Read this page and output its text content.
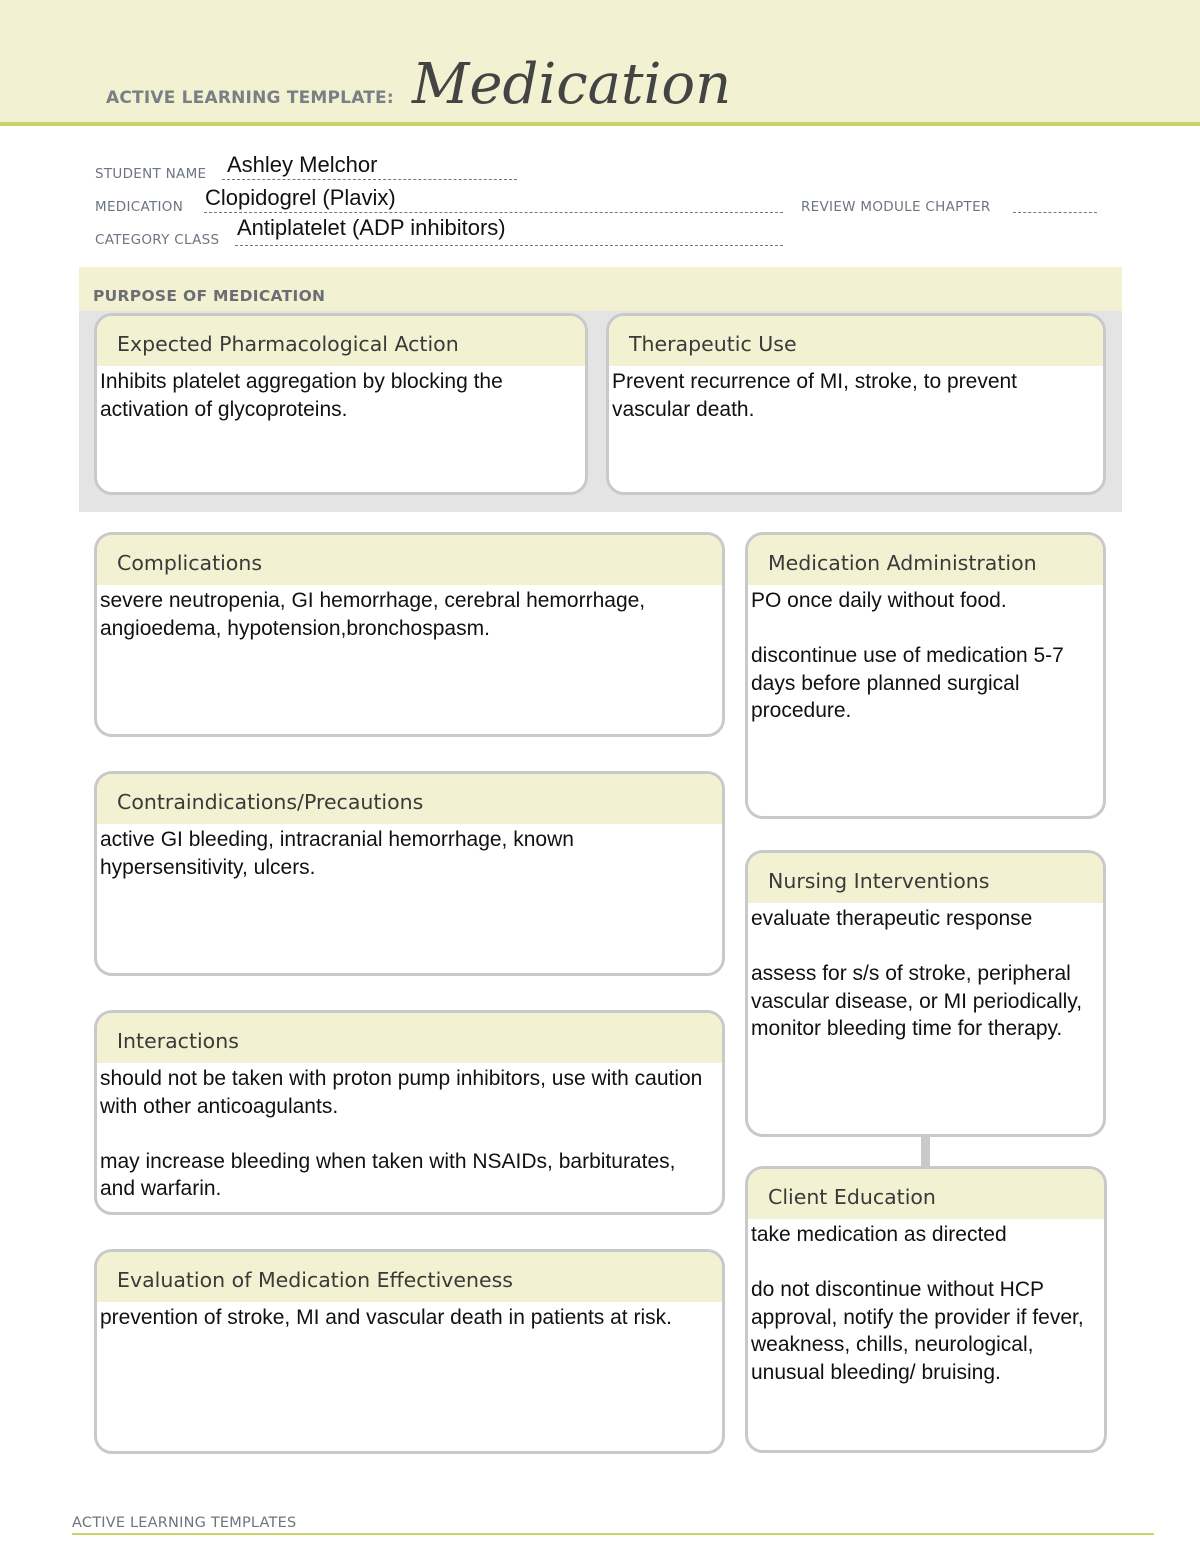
ACTIVE LEARNING TEMPLATE: Medication
STUDENT NAME Ashley Melchor
MEDICATION Clopidogrel (Plavix)	REVIEW MODULE CHAPTER
CATEGORY CLASS Antiplatelet (ADP inhibitors)
PURPOSE OF MEDICATION
Expected Pharmacological Action

Inhibits platelet aggregation by blocking the activation of glycoproteins.

Therapeutic Use

Prevent recurrence of MI, stroke, to prevent vascular death.

Complications

severe neutropenia, GI hemorrhage, cerebral hemorrhage, angioedema, hypotension,bronchospasm.

Contraindications/Precautions

active GI bleeding, intracranial hemorrhage, known hypersensitivity, ulcers.

Interactions

should not be taken with proton pump inhibitors, use with caution with other anticoagulants.

may increase bleeding when taken with NSAIDs, barbiturates, and warfarin.

Evaluation of Medication Effectiveness

prevention of stroke, MI and vascular death in patients at risk.

Medication Administration

PO once daily without food.

discontinue use of medication 5-7 days before planned surgical procedure.

Nursing Interventions

evaluate therapeutic response

assess for s/s of stroke, peripheral vascular disease, or MI periodically, monitor bleeding time for therapy.

Client Education

take medication as directed

do not discontinue without HCP approval, notify the provider if fever, weakness, chills, neurological, unusual bleeding/ bruising.

ACTIVE LEARNING TEMPLATES
